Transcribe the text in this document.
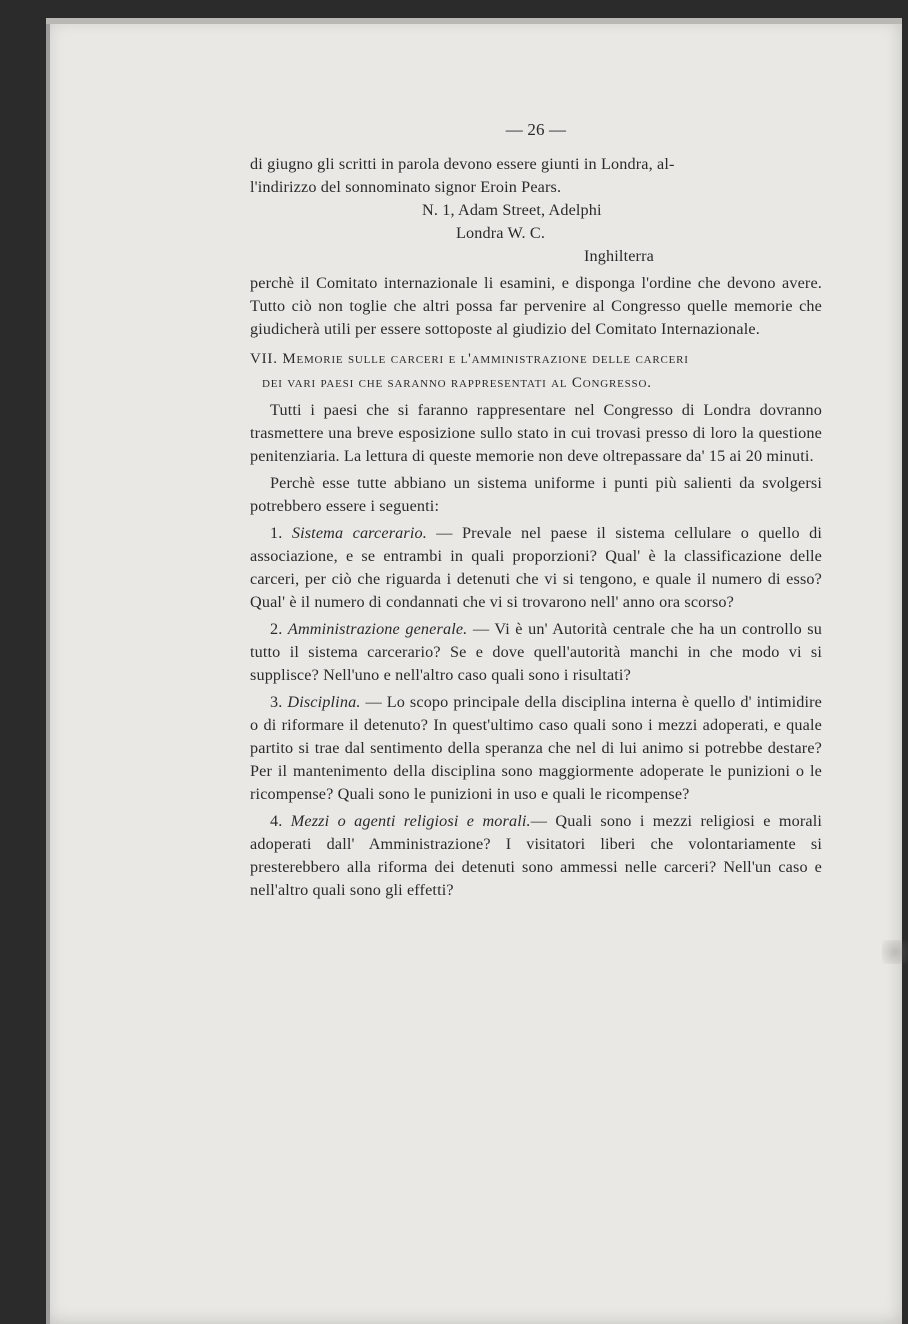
— 26 —

di giugno gli scritti in parola devono essere giunti in Londra, al-
l'indirizzo del sonnominato signor Eroin Pears.

N. 1, Adam Street, Adelphi
Londra W. C.
Inghilterra

perchè il Comitato internazionale li esamini, e disponga l'ordine che devono avere. Tutto ciò non toglie che altri possa far pervenire al Congresso quelle memorie che giudicherà utili per essere sottoposte al giudizio del Comitato Internazionale.

VII. Memorie sulle carceri e l'amministrazione delle carceri
dei vari paesi che saranno rappresentati al Congresso.

Tutti i paesi che si faranno rappresentare nel Congresso di Londra dovranno trasmettere una breve esposizione sullo stato in cui trovasi presso di loro la questione penitenziaria. La lettura di queste memorie non deve oltrepassare da' 15 ai 20 minuti.

Perchè esse tutte abbiano un sistema uniforme i punti più salienti da svolgersi potrebbero essere i seguenti:

1. Sistema carcerario. — Prevale nel paese il sistema cellulare o quello di associazione, e se entrambi in quali proporzioni? Qual' è la classificazione delle carceri, per ciò che riguarda i detenuti che vi si tengono, e quale il numero di esso? Qual' è il numero di condannati che vi si trovarono nell' anno ora scorso?

2. Amministrazione generale. — Vi è un' Autorità centrale che ha un controllo su tutto il sistema carcerario? Se e dove quell'autorità manchi in che modo vi si supplisce? Nell'uno e nell'altro caso quali sono i risultati?

3. Disciplina. — Lo scopo principale della disciplina interna è quello d' intimidire o di riformare il detenuto? In quest'ultimo caso quali sono i mezzi adoperati, e quale partito si trae dal sentimento della speranza che nel di lui animo si potrebbe destare? Per il mantenimento della disciplina sono maggiormente adoperate le punizioni o le ricompense? Quali sono le punizioni in uso e quali le ricompense?

4. Mezzi o agenti religiosi e morali.— Quali sono i mezzi religiosi e morali adoperati dall' Amministrazione? I visitatori liberi che volontariamente si presterebbero alla riforma dei detenuti sono ammessi nelle carceri? Nell'un caso e nell'altro quali sono gli effetti?
